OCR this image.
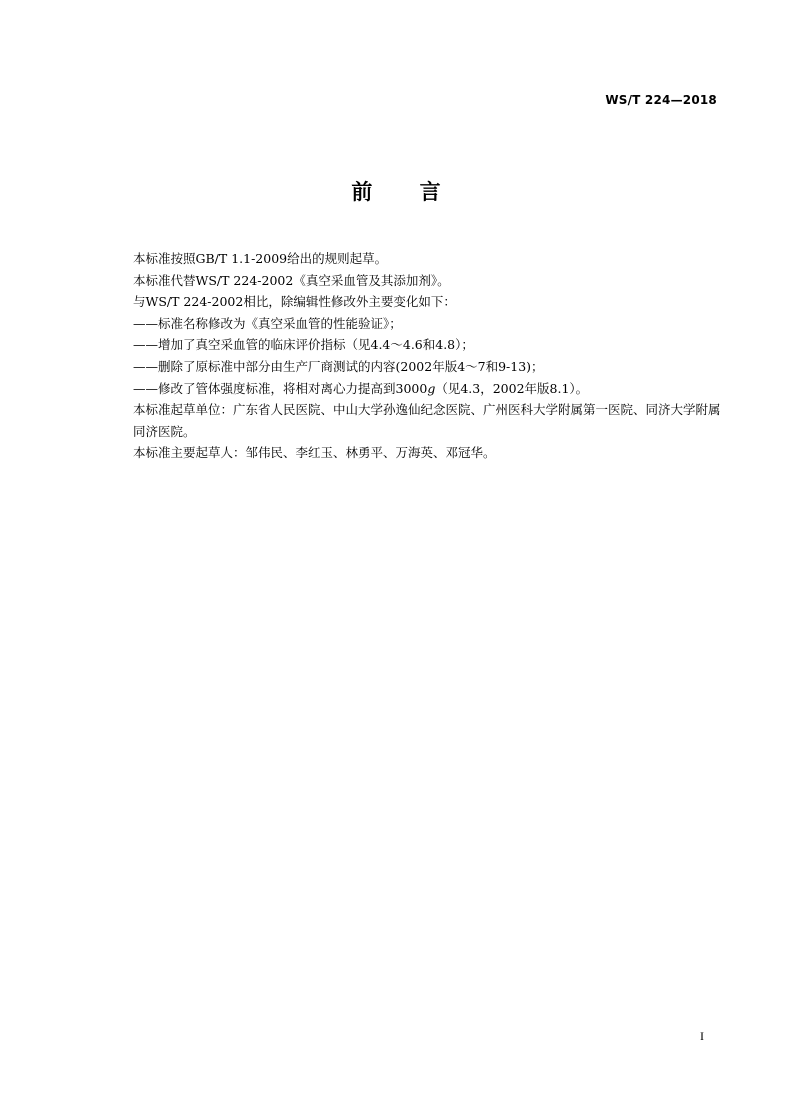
WS/T 224—2018
前 言

本标准按照GB/T 1.1-2009给出的规则起草。

本标准代替WS/T 224-2002《真空采血管及其添加剂》。

与WS/T 224-2002相比，除编辑性修改外主要变化如下：

——标准名称修改为《真空采血管的性能验证》；

——增加了真空采血管的临床评价指标（见4.4～4.6和4.8）；

——删除了原标准中部分由生产厂商测试的内容(2002年版4～7和9-13)；

——修改了管体强度标准，将相对离心力提高到3000g（见4.3，2002年版8.1）。

本标准起草单位：广东省人民医院、中山大学孙逸仙纪念医院、广州医科大学附属第一医院、同济大学附属同济医院。

本标准主要起草人：邹伟民、李红玉、林勇平、万海英、邓冠华。

I
